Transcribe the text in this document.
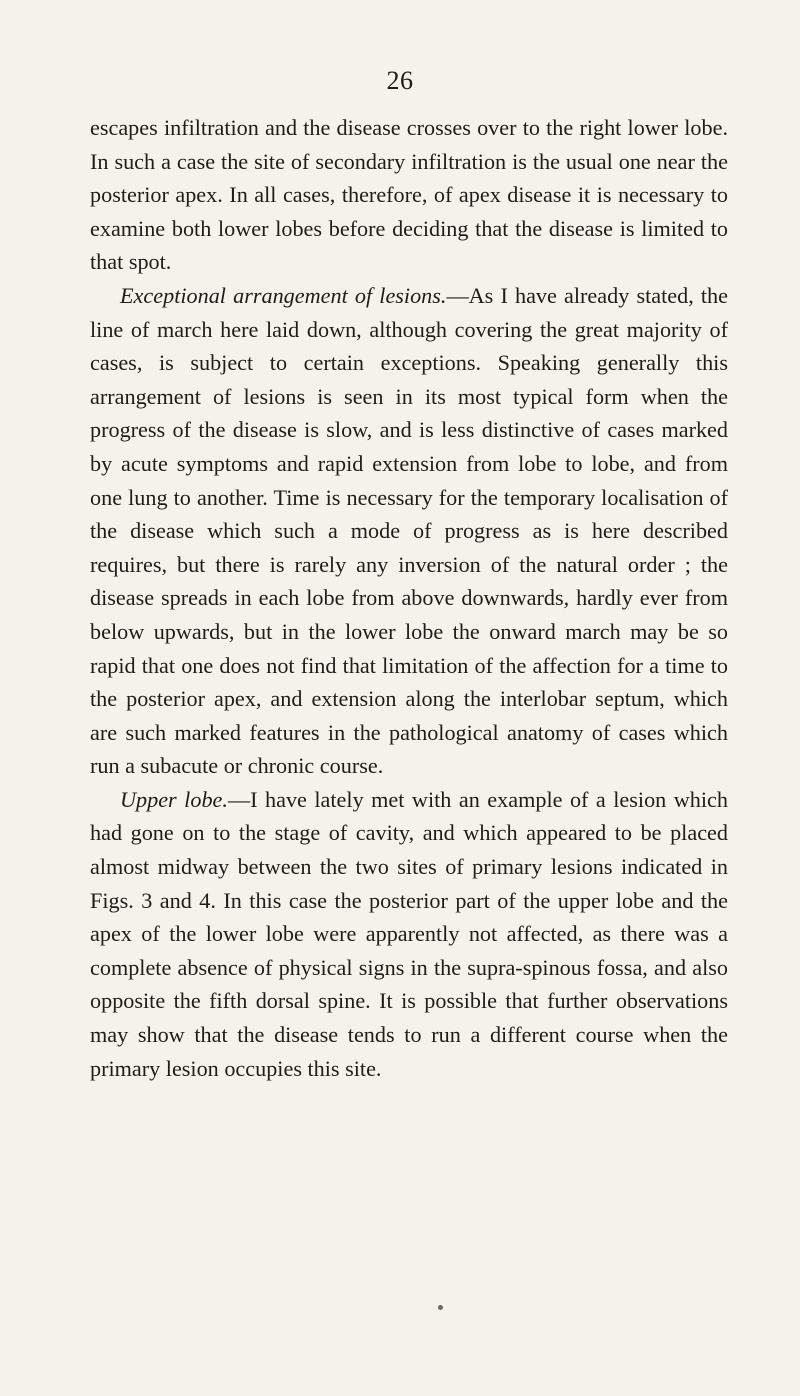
26

escapes infiltration and the disease crosses over to the right lower lobe. In such a case the site of secondary infiltration is the usual one near the posterior apex. In all cases, therefore, of apex disease it is necessary to examine both lower lobes before deciding that the disease is limited to that spot.

Exceptional arrangement of lesions.—As I have already stated, the line of march here laid down, although covering the great majority of cases, is subject to certain exceptions. Speaking generally this arrangement of lesions is seen in its most typical form when the progress of the disease is slow, and is less distinctive of cases marked by acute symptoms and rapid extension from lobe to lobe, and from one lung to another. Time is necessary for the temporary localisation of the disease which such a mode of progress as is here described requires, but there is rarely any inversion of the natural order ; the disease spreads in each lobe from above downwards, hardly ever from below upwards, but in the lower lobe the onward march may be so rapid that one does not find that limitation of the affection for a time to the posterior apex, and extension along the interlobar septum, which are such marked features in the pathological anatomy of cases which run a subacute or chronic course.

Upper lobe.—I have lately met with an example of a lesion which had gone on to the stage of cavity, and which appeared to be placed almost midway between the two sites of primary lesions indicated in Figs. 3 and 4. In this case the posterior part of the upper lobe and the apex of the lower lobe were apparently not affected, as there was a complete absence of physical signs in the supra-spinous fossa, and also opposite the fifth dorsal spine. It is possible that further observations may show that the disease tends to run a different course when the primary lesion occupies this site.
